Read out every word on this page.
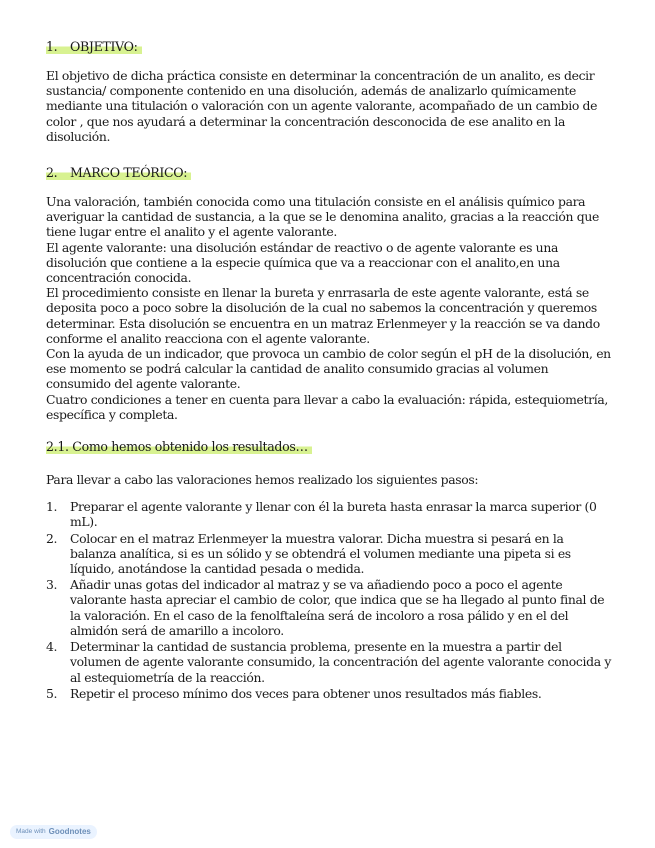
1. OBJETIVO:

El objetivo de dicha práctica consiste en determinar la concentración de un analito, es decir sustancia/ componente contenido en una disolución, además de analizarlo químicamente mediante una titulación o valoración con un agente valorante, acompañado de un cambio de color , que nos ayudará a determinar la concentración desconocida de ese analito en la disolución.

2. MARCO TEÓRICO:

Una valoración, también conocida como una titulación consiste en el análisis químico para averiguar la cantidad de sustancia, a la que se le denomina analito, gracias a la reacción que tiene lugar entre el analito y el agente valorante.

El agente valorante: una disolución estándar de reactivo o de agente valorante es una disolución que contiene a la especie química que va a reaccionar con el analito,en una concentración conocida.

El procedimiento consiste en llenar la bureta y enrrasarla de este agente valorante, está se deposita poco a poco sobre la disolución de la cual no sabemos la concentración y queremos determinar. Esta disolución se encuentra en un matraz Erlenmeyer y la reacción se va dando conforme el analito reacciona con el agente valorante.

Con la ayuda de un indicador, que provoca un cambio de color según el pH de la disolución, en ese momento se podrá calcular la cantidad de analito consumido gracias al volumen consumido del agente valorante.

Cuatro condiciones a tener en cuenta para llevar a cabo la evaluación: rápida, estequiometría, específica y completa.

2.1. Como hemos obtenido los resultados…

Para llevar a cabo las valoraciones hemos realizado los siguientes pasos:

1.	Preparar el agente valorante y llenar con él la bureta hasta enrasar la marca superior (0 mL).
2.	Colocar en el matraz Erlenmeyer la muestra valorar. Dicha muestra si pesará en la balanza analítica, si es un sólido y se obtendrá el volumen mediante una pipeta si es líquido, anotándose la cantidad pesada o medida.
3.	Añadir unas gotas del indicador al matraz y se va añadiendo poco a poco el agente valorante hasta apreciar el cambio de color, que indica que se ha llegado al punto final de la valoración. En el caso de la fenolftaleína será de incoloro a rosa pálido y en el del almidón será de amarillo a incoloro.
4.	Determinar la cantidad de sustancia problema, presente en la muestra a partir del volumen de agente valorante consumido, la concentración del agente valorante conocida y al estequiometría de la reacción.
5.	Repetir el proceso mínimo dos veces para obtener unos resultados más fiables.
Made with Goodnotes
